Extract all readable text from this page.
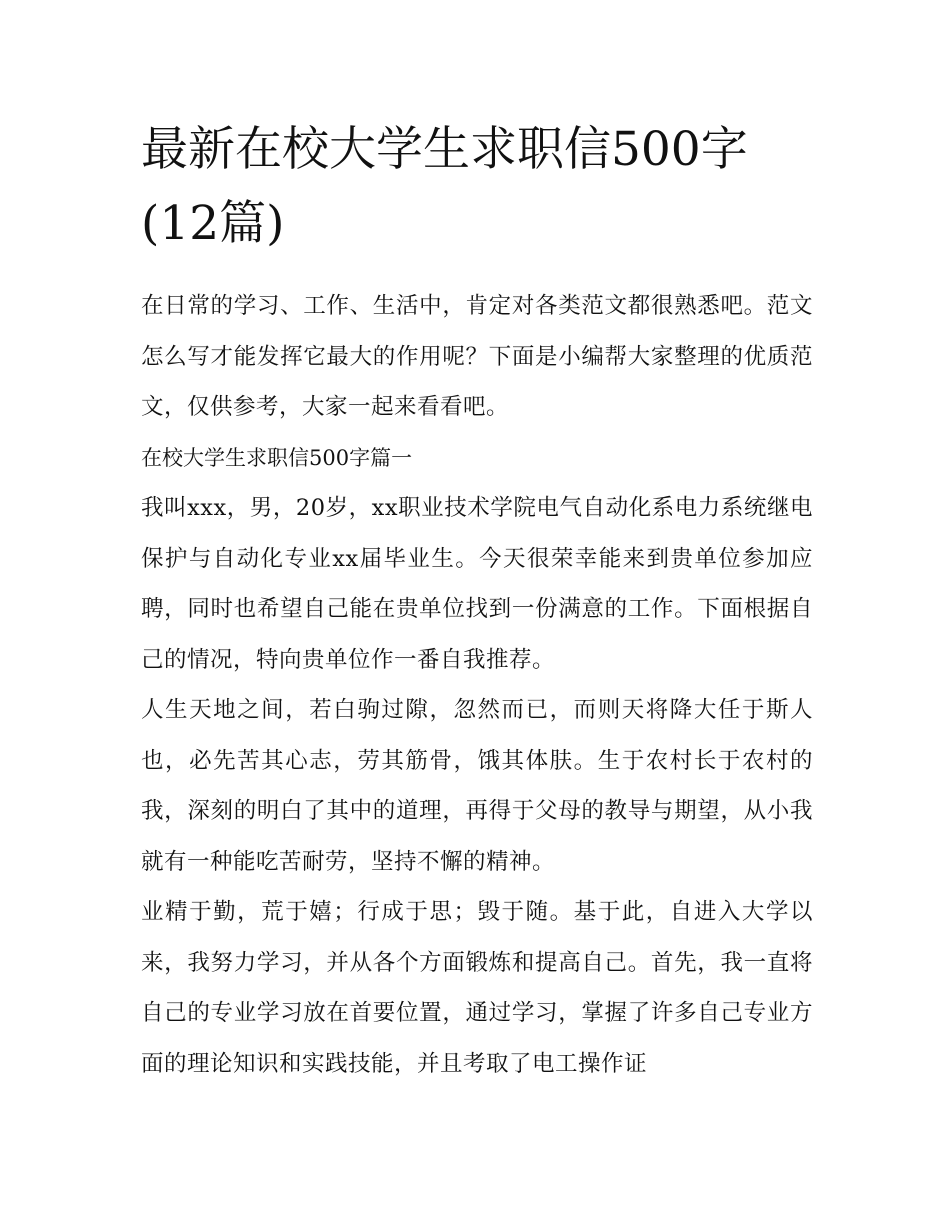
最新在校大学生求职信500字
(12篇)

在日常的学习、工作、生活中，肯定对各类范文都很熟悉吧。范文怎么写才能发挥它最大的作用呢？下面是小编帮大家整理的优质范文，仅供参考，大家一起来看看吧。

在校大学生求职信500字篇一

我叫xxx，男，20岁，xx职业技术学院电气自动化系电力系统继电保护与自动化专业xx届毕业生。今天很荣幸能来到贵单位参加应聘，同时也希望自己能在贵单位找到一份满意的工作。下面根据自己的情况，特向贵单位作一番自我推荐。

人生天地之间，若白驹过隙，忽然而已，而则天将降大任于斯人也，必先苦其心志，劳其筋骨，饿其体肤。生于农村长于农村的我，深刻的明白了其中的道理，再得于父母的教导与期望，从小我就有一种能吃苦耐劳，坚持不懈的精神。

业精于勤，荒于嬉；行成于思；毁于随。基于此，自进入大学以来，我努力学习，并从各个方面锻炼和提高自己。首先，我一直将自己的专业学习放在首要位置，通过学习，掌握了许多自己专业方面的理论知识和实践技能，并且考取了电工操作证
